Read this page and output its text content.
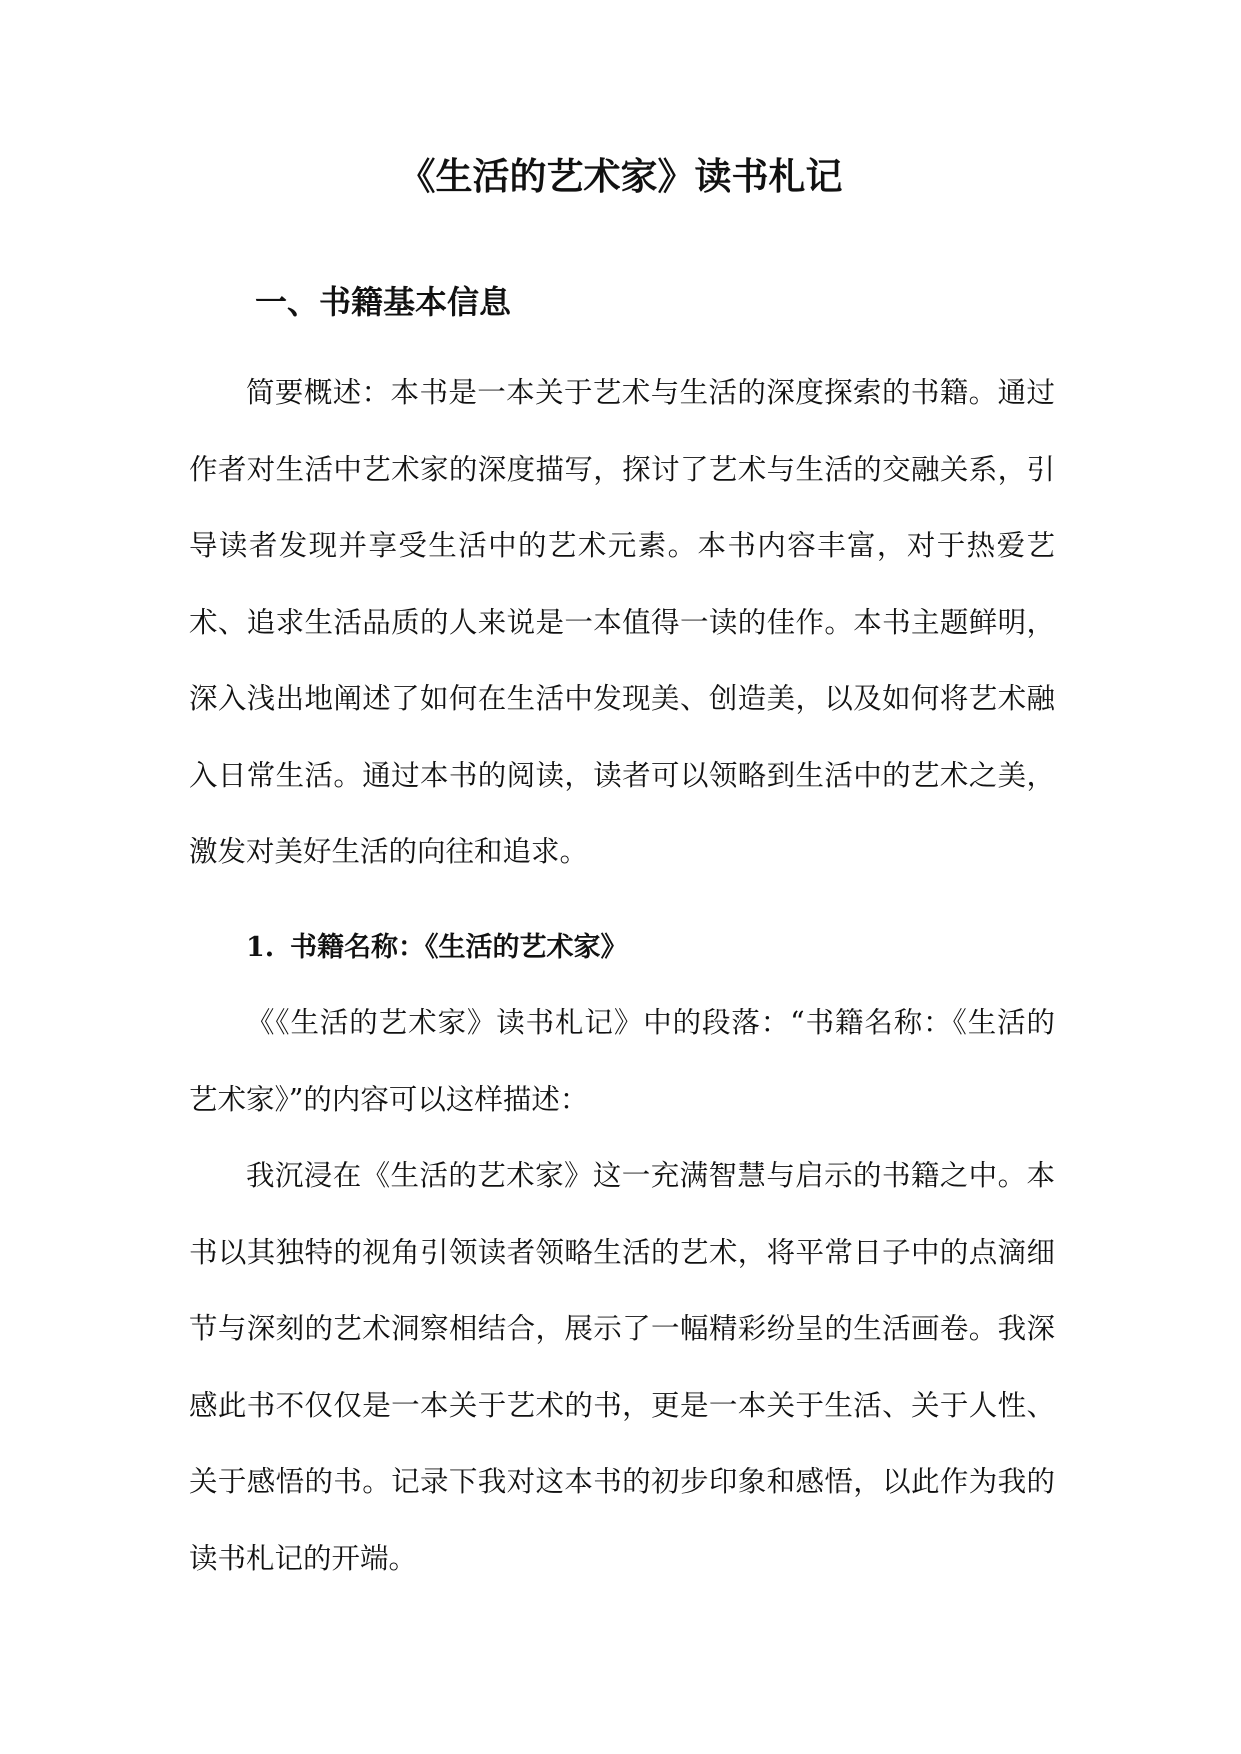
《生活的艺术家》读书札记
一、书籍基本信息

简要概述：本书是一本关于艺术与生活的深度探索的书籍。通过作者对生活中艺术家的深度描写，探讨了艺术与生活的交融关系，引导读者发现并享受生活中的艺术元素。本书内容丰富，对于热爱艺术、追求生活品质的人来说是一本值得一读的佳作。本书主题鲜明，深入浅出地阐述了如何在生活中发现美、创造美，以及如何将艺术融入日常生活。通过本书的阅读，读者可以领略到生活中的艺术之美，激发对美好生活的向往和追求。

1. 书籍名称：《生活的艺术家》

《《生活的艺术家》读书札记》中的段落：“书籍名称：《生活的艺术家》”的内容可以这样描述：

我沉浸在《生活的艺术家》这一充满智慧与启示的书籍之中。本书以其独特的视角引领读者领略生活的艺术，将平常日子中的点滴细节与深刻的艺术洞察相结合，展示了一幅精彩纷呈的生活画卷。我深感此书不仅仅是一本关于艺术的书，更是一本关于生活、关于人性、关于感悟的书。记录下我对这本书的初步印象和感悟，以此作为我的读书札记的开端。
